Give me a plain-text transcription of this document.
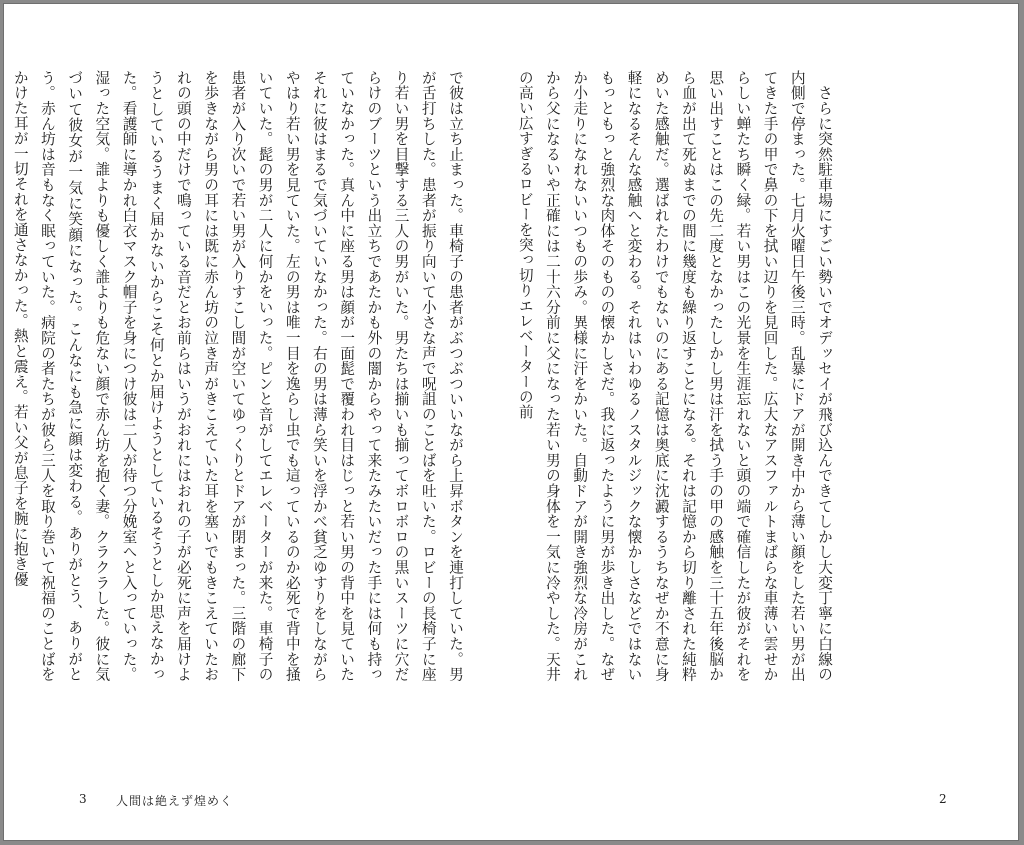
で彼は立ち止まった。車椅子の患者がぶつぶついいながら上昇ボタンを連打していた。男が舌打ちした。患者が振り向いて小さな声で呪詛のことばを吐いた。ロビーの長椅子に座り若い男を目撃する三人の男がいた。男たちは揃いも揃ってボロボロの黒いスーツに穴だらけのブーツという出立ちであたかも外の闇からやって来たみたいだった手には何も持っていなかった。真ん中に座る男は顔が一面髭で覆われ目はじっと若い男の背中を見ていたそれに彼はまるで気づいていなかった。右の男は薄ら笑いを浮かべ貧乏ゆすりをしながらやはり若い男を見ていた。左の男は唯一目を逸らし虫でも這っているのか必死で背中を掻いていた。髭の男が二人に何かをいった。ピンと音がしてエレベーターが来た。車椅子の患者が入り次いで若い男が入りすこし間が空いてゆっくりとドアが閉まった。三階の廊下を歩きながら男の耳には既に赤ん坊の泣き声がきこえていた耳を塞いでもきこえていたおれの頭の中だけで鳴っている音だとお前らはいうがおれにはおれの子が必死に声を届けようとしているうまく届かないからこそ何とか届けようとしているそうとしか思えなかった。看護師に導かれ白衣マスク帽子を身につけ彼は二人が待つ分娩室へと入っていった。湿った空気。誰よりも優しく誰よりも危ない顔で赤ん坊を抱く妻。クラクラした。彼に気づいて彼女が一気に笑顔になった。こんなにも急に顔は変わる。ありがとう、ありがとう。赤ん坊は音もなく眠っていた。病院の者たちが彼ら三人を取り巻いて祝福のことばをかけた耳が一切それを通さなかった。熱と震え。若い父が息子を腕に抱き優	　さらに突然駐車場にすごい勢いでオデッセイが飛び込んできてしかし大変丁寧に白線の内側で停まった。七月火曜日午後三時。乱暴にドアが開き中から薄い顔をした若い男が出てきた手の甲で鼻の下を拭い辺りを見回した。広大なアスファルトまばらな車薄い雲せからしい蝉たち瞬く緑。若い男はこの光景を生涯忘れないと頭の端で確信したが彼がそれを思い出すことはこの先二度となかったしかし男は汗を拭う手の甲の感触を三十五年後脳から血が出て死ぬまでの間に幾度も繰り返すことになる。それは記憶から切り離された純粋めいた感触だ。選ばれたわけでもないのにある記憶は奥底に沈澱するうちなぜか不意に身軽になるそんな感触へと変わる。それはいわゆるノスタルジックな懐かしさなどではないもっともっと強烈な肉体そのものの懐かしさだ。我に返ったように男が歩き出した。なぜか小走りになれないいつもの歩み。異様に汗をかいた。自動ドアが開き強烈な冷房がこれから父になるいや正確には二十六分前に父になった若い男の身体を一気に冷やした。天井の高い広すぎるロビーを突っ切りエレベーターの前
3 人間は絶えず煌めく	2
